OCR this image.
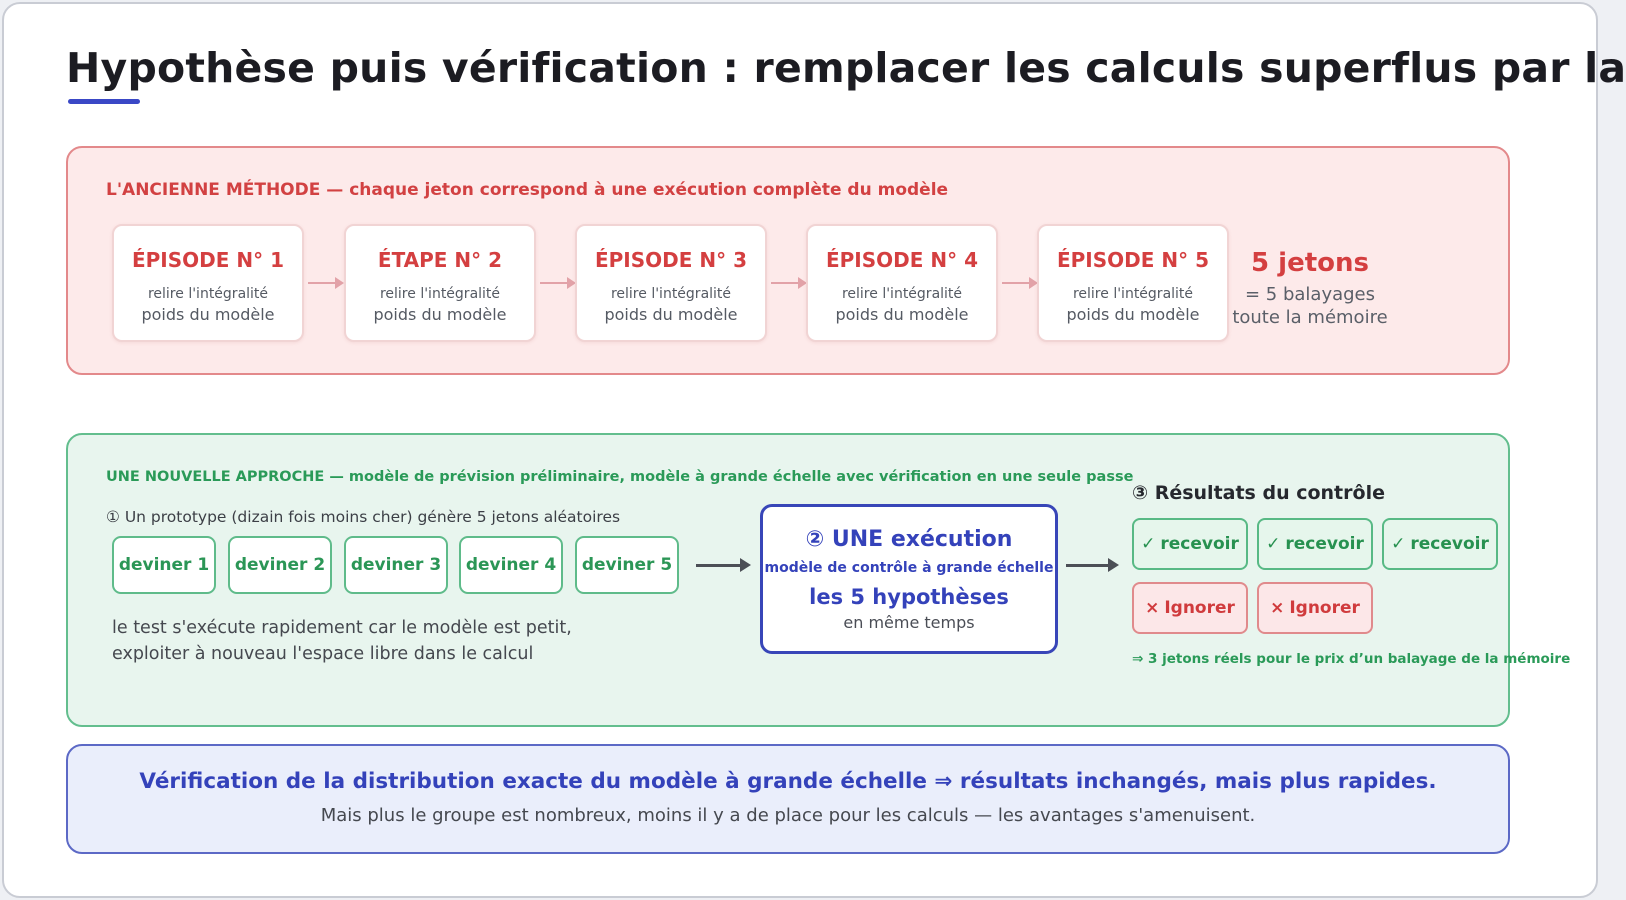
Hypothèse puis vérification : remplacer les calculs superflus par la
L'ANCIENNE MÉTHODE — chaque jeton correspond à une exécution complète du modèle
ÉPISODE N° 1
relire l'intégralité
poids du modèle
ÉTAPE N° 2
relire l'intégralité
poids du modèle
ÉPISODE N° 3
relire l'intégralité
poids du modèle
ÉPISODE N° 4
relire l'intégralité
poids du modèle
ÉPISODE N° 5
relire l'intégralité
poids du modèle
5 jetons
= 5 balayages
toute la mémoire
UNE NOUVELLE APPROCHE — modèle de prévision préliminaire, modèle à grande échelle avec vérification en une seule passe
① Un prototype (dizain fois moins cher) génère 5 jetons aléatoires
deviner 1	deviner 2	deviner 3	deviner 4	deviner 5
le test s'exécute rapidement car le modèle est petit,
exploiter à nouveau l'espace libre dans le calcul
② UNE exécution
modèle de contrôle à grande échelle
les 5 hypothèses
en même temps
③ Résultats du contrôle
✓ recevoir ✓ recevoir ✓ recevoir
× Ignorer × Ignorer
⇒ 3 jetons réels pour le prix d’un balayage de la mémoire
Vérification de la distribution exacte du modèle à grande échelle ⇒ résultats inchangés, mais plus rapides.
Mais plus le groupe est nombreux, moins il y a de place pour les calculs — les avantages s'amenuisent.
